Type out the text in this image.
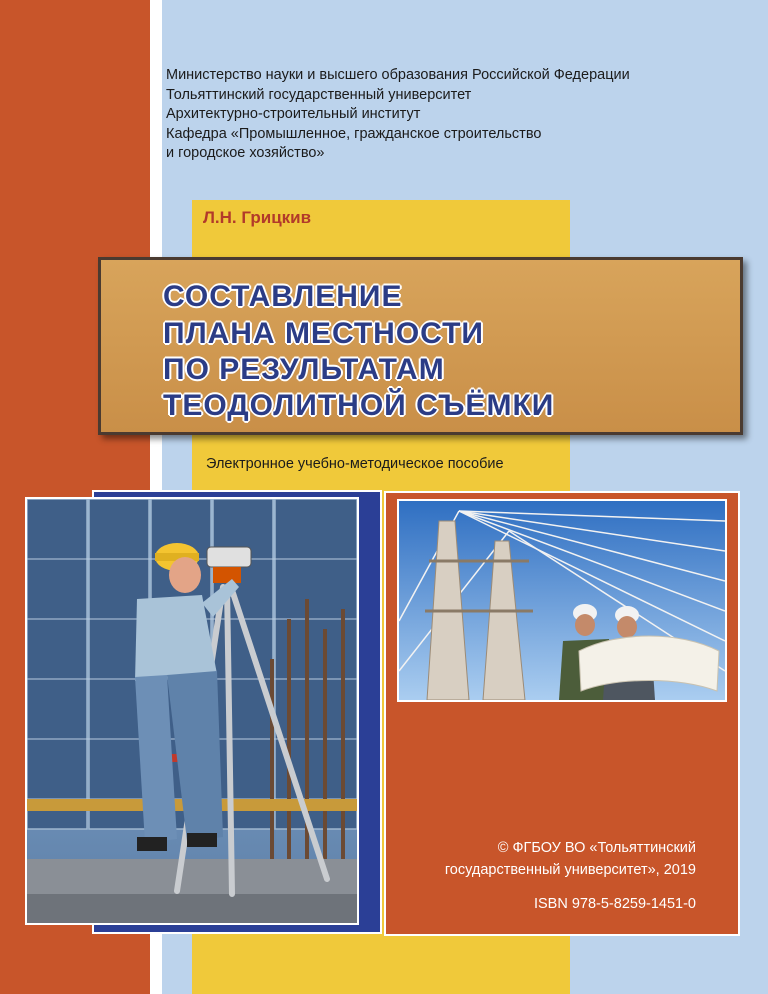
Министерство науки и высшего образования Российской Федерации
Тольяттинский государственный университет
Архитектурно-строительный институт
Кафедра «Промышленное, гражданское строительство
и городское хозяйство»
Л.Н. Грицкив
СОСТАВЛЕНИЕ
ПЛАНА МЕСТНОСТИ
ПО РЕЗУЛЬТАТАМ
ТЕОДОЛИТНОЙ СЪЁМКИ
Электронное учебно-методическое пособие
© ФГБОУ ВО «Тольяттинский
государственный университет», 2019
ISBN 978-5-8259-1451-0
